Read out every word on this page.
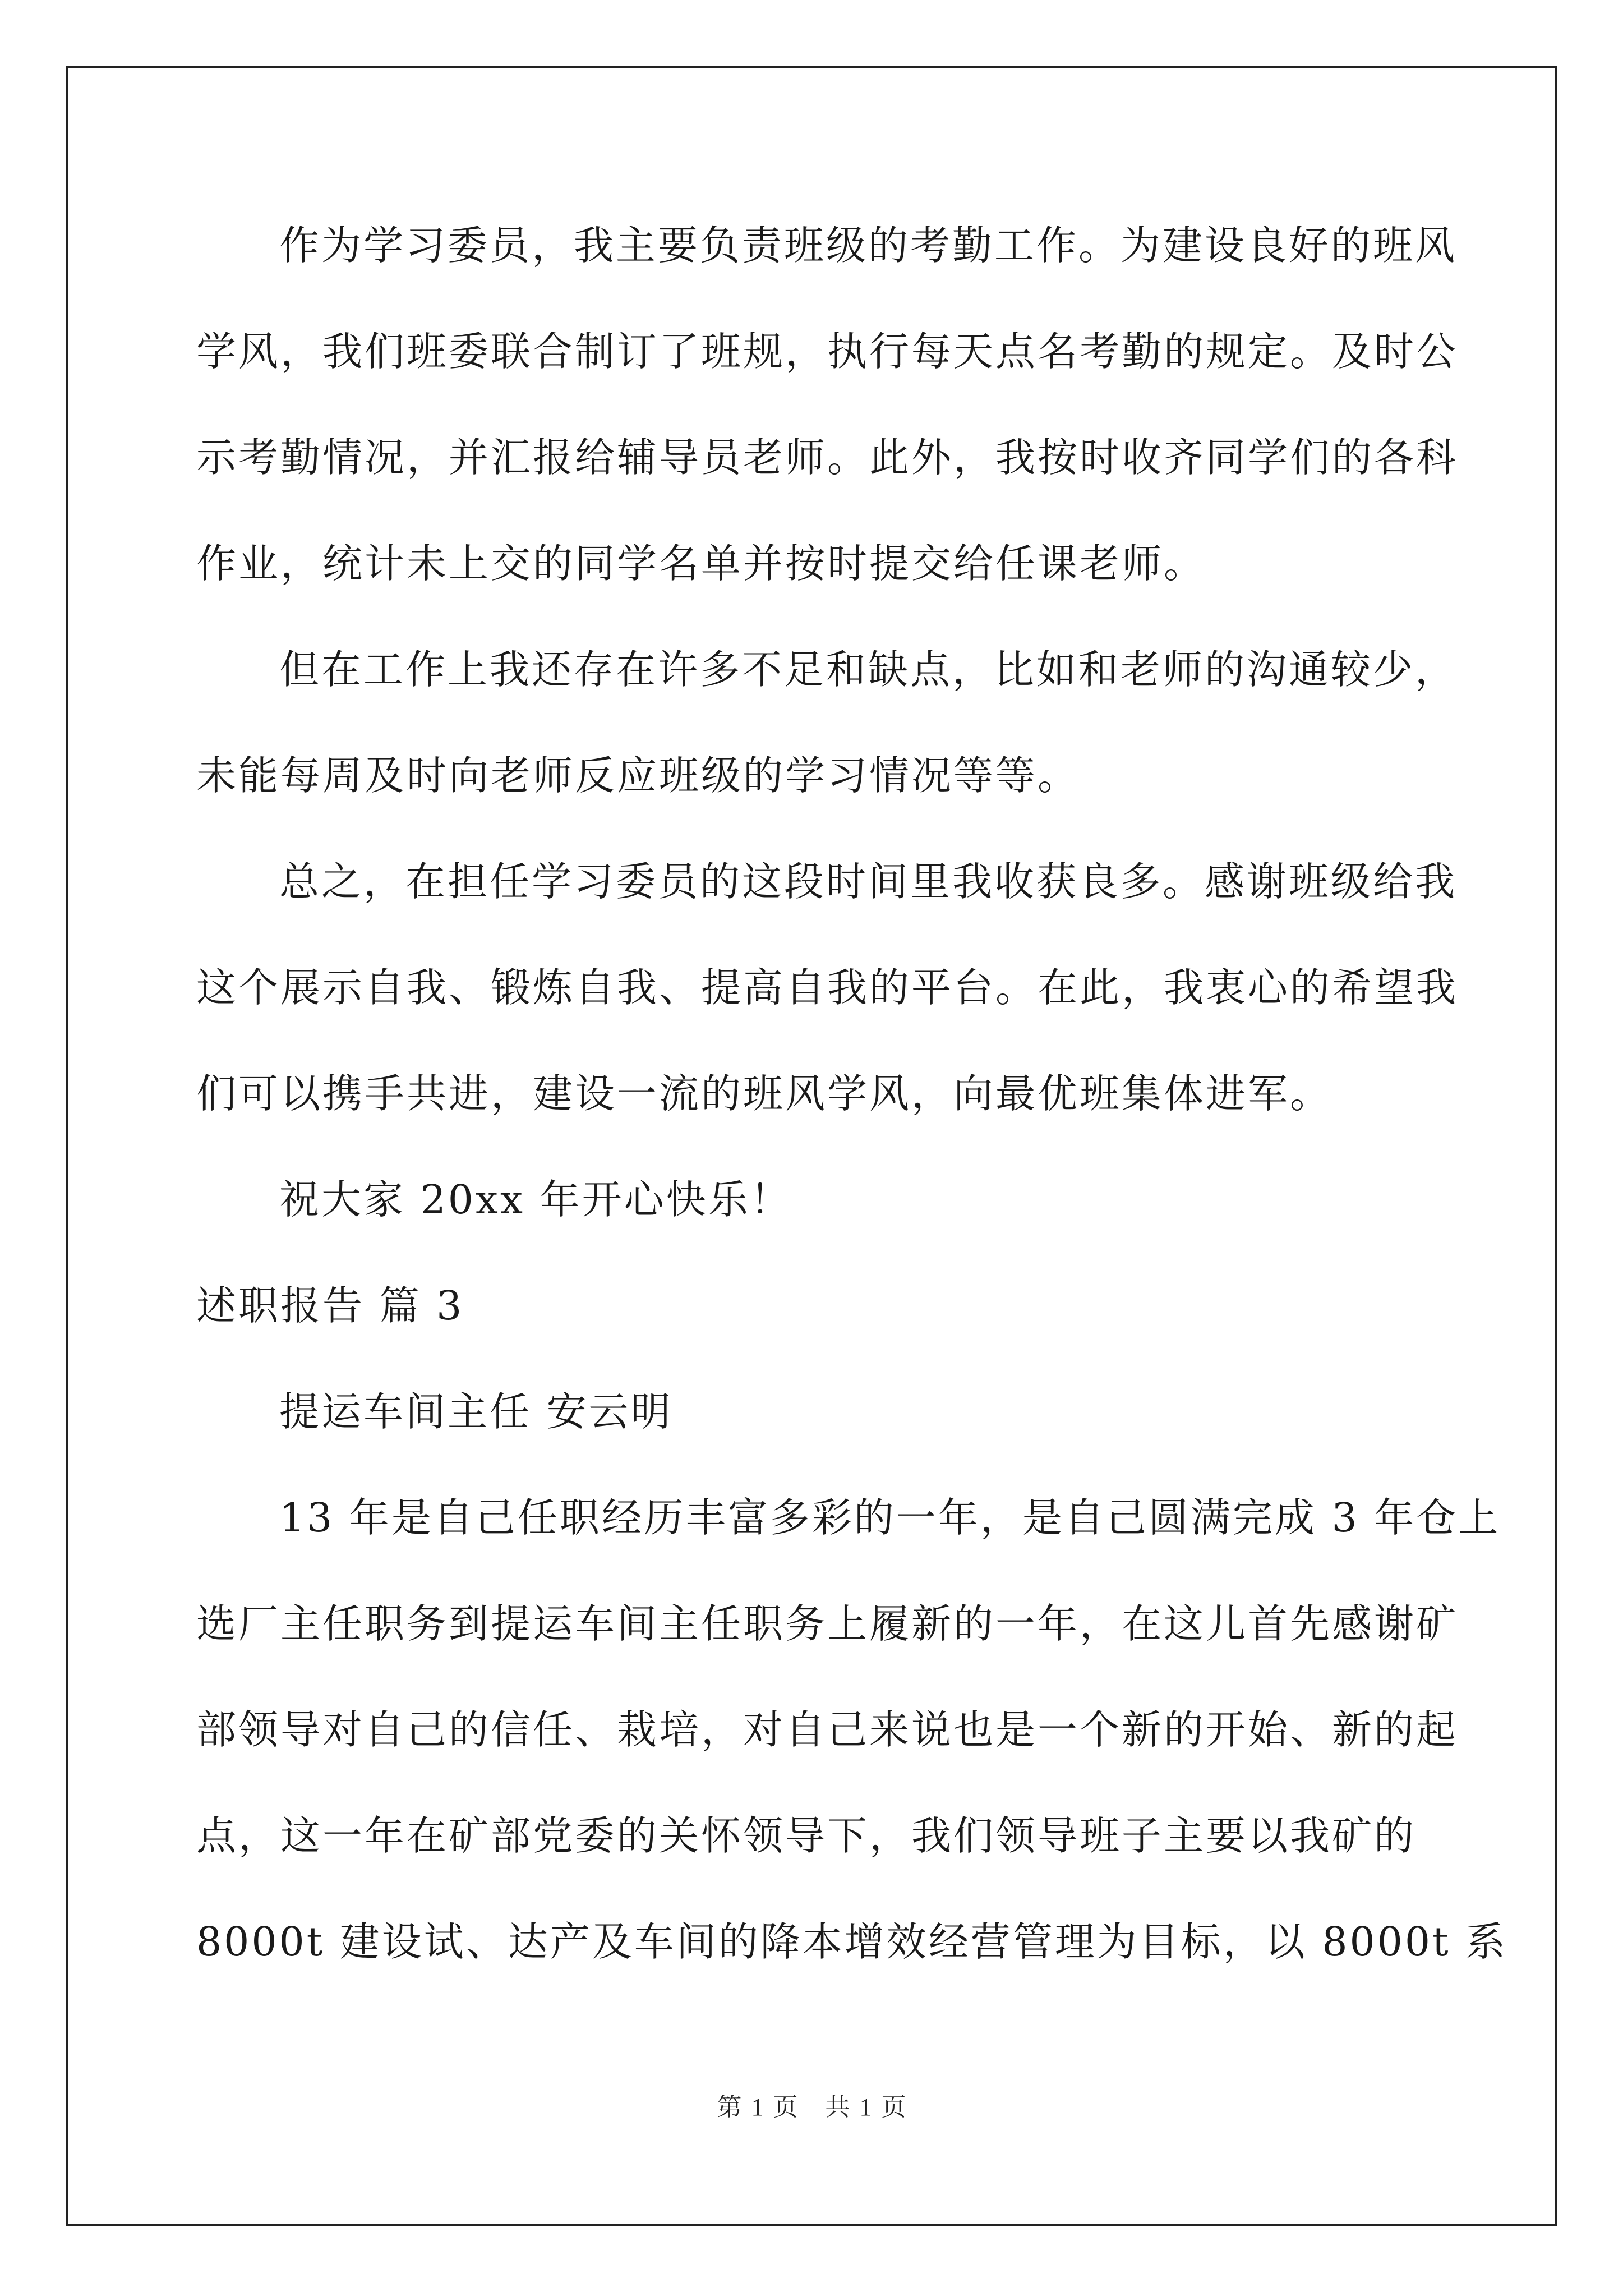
作为学习委员，我主要负责班级的考勤工作。为建设良好的班风
学风，我们班委联合制订了班规，执行每天点名考勤的规定。及时公
示考勤情况，并汇报给辅导员老师。此外，我按时收齐同学们的各科
作业，统计未上交的同学名单并按时提交给任课老师。
但在工作上我还存在许多不足和缺点，比如和老师的沟通较少，
未能每周及时向老师反应班级的学习情况等等。
总之，在担任学习委员的这段时间里我收获良多。感谢班级给我
这个展示自我、锻炼自我、提高自我的平台。在此，我衷心的希望我
们可以携手共进，建设一流的班风学风，向最优班集体进军。
祝大家 20xx 年开心快乐！
述职报告 篇 3
提运车间主任 安云明
13 年是自己任职经历丰富多彩的一年，是自己圆满完成 3 年仓上
选厂主任职务到提运车间主任职务上履新的一年，在这儿首先感谢矿
部领导对自己的信任、栽培，对自己来说也是一个新的开始、新的起
点，这一年在矿部党委的关怀领导下，我们领导班子主要以我矿的
8000t 建设试、达产及车间的降本增效经营管理为目标，以 8000t 系
第 1 页 共 1 页
